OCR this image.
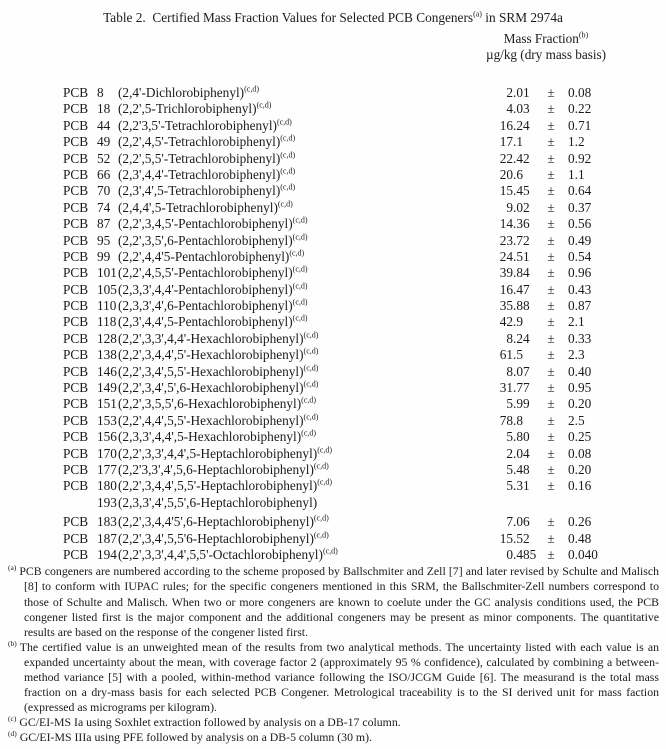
Table 2. Certified Mass Fraction Values for Selected PCB Congeners$^{(a)}$ in SRM 2974a
Mass Fraction$^{(b)}$
µg/kg (dry mass basis)
PCB 8	(2,4'-Dichlorobiphenyl)$^{(c,d)}$	2 .01	±	0.08
PCB 18 (2,2',5-Trichlorobiphenyl)$^{(c,d)}$	4 .03	±	0.22
PCB 44 (2,2'3,5'-Tetrachlorobiphenyl)$^{(c,d)}$	16 .24	±	0.71
PCB 49 (2,2',4,5'-Tetrachlorobiphenyl)$^{(c,d)}$	17 .1	±	1.2
PCB 52 (2,2',5,5'-Tetrachlorobiphenyl)$^{(c,d)}$	22 .42	±	0.92
PCB 66 (2,3',4,4'-Tetrachlorobiphenyl)$^{(c,d)}$	20 .6	±	1.1
PCB 70 (2,3',4',5-Tetrachlorobiphenyl)$^{(c,d)}$	15 .45	±	0.64
PCB 74 (2,4,4',5-Tetrachlorobiphenyl)$^{(c,d)}$	9 .02	±	0.37
PCB 87 (2,2',3,4,5'-Pentachlorobiphenyl)$^{(c,d)}$	14 .36	±	0.56
PCB 95 (2,2',3,5',6-Pentachlorobiphenyl)$^{(c,d)}$	23 .72	±	0.49
PCB 99 (2,2',4,4'5-Pentachlorobiphenyl)$^{(c,d)}$	24 .51	±	0.54
PCB 101 (2,2',4,5,5'-Pentachlorobiphenyl)$^{(c,d)}$	39 .84	±	0.96
PCB 105 (2,3,3',4,4'-Pentachlorobiphenyl)$^{(c,d)}$	16 .47	±	0.43
PCB 110 (2,3,3',4',6-Pentachlorobiphenyl)$^{(c,d)}$	35 .88	±	0.87
PCB 118 (2,3',4,4',5-Pentachlorobiphenyl)$^{(c,d)}$	42 .9	±	2.1
PCB 128 (2,2',3,3',4,4'-Hexachlorobiphenyl)$^{(c,d)}$	8 .24	±	0.33
PCB 138 (2,2',3,4,4',5'-Hexachlorobiphenyl)$^{(c,d)}$	61 .5	±	2.3
PCB 146 (2,2',3,4',5,5'-Hexachlorobiphenyl)$^{(c,d)}$	8 .07	±	0.40
PCB 149 (2,2',3,4',5',6-Hexachlorobiphenyl)$^{(c,d)}$	31 .77	±	0.95
PCB 151 (2,2',3,5,5',6-Hexachlorobiphenyl)$^{(c,d)}$	5 .99	±	0.20
PCB 153 (2,2',4,4',5,5'-Hexachlorobiphenyl)$^{(c,d)}$	78 .8	±	2.5
PCB 156 (2,3,3',4,4',5-Hexachlorobiphenyl)$^{(c,d)}$	5 .80	±	0.25
PCB 170 (2,2',3,3',4,4',5-Heptachlorobiphenyl)$^{(c,d)}$	2 .04	±	0.08
PCB 177 (2,2'3,3',4',5,6-Heptachlorobiphenyl)$^{(c,d)}$	5 .48	±	0.20
PCB 180 (2,2',3,4,4',5,5'-Heptachlorobiphenyl)$^{(c,d)}$	5 .31	±	0.16
193 (2,3,3',4',5,5',6-Heptachlorobiphenyl)
PCB 183 (2,2',3,4,4'5',6-Heptachlorobiphenyl)$^{(c,d)}$	7 .06	±	0.26
PCB 187 (2,2',3,4',5,5'6-Heptachlorobiphenyl)$^{(c,d)}$	15 .52	±	0.48
PCB 194 (2,2',3,3',4,4',5,5'-Octachlorobiphenyl)$^{(c,d)}$	0 .485 ±	0.040
$^{(a)}$ PCB congeners are numbered according to the scheme proposed by Ballschmiter and Zell [7] and later revised by Schulte and Malisch [8] to conform with IUPAC rules; for the specific congeners mentioned in this SRM, the Ballschmiter-Zell numbers correspond to those of Schulte and Malisch. When two or more congeners are known to coelute under the GC analysis conditions used, the PCB congener listed first is the major component and the additional congeners may be present as minor components. The quantitative results are based on the response of the congener listed first.
$^{(b)}$ The certified value is an unweighted mean of the results from two analytical methods. The uncertainty listed with each value is an expanded uncertainty about the mean, with coverage factor 2 (approximately 95 % confidence), calculated by combining a between-method variance [5] with a pooled, within-method variance following the ISO/JCGM Guide [6]. The measurand is the total mass fraction on a dry-mass basis for each selected PCB Congener. Metrological traceability is to the SI derived unit for mass faction (expressed as micrograms per kilogram).
$^{(c)}$ GC/EI-MS Ia using Soxhlet extraction followed by analysis on a DB-17 column.
$^{(d)}$ GC/EI-MS IIIa using PFE followed by analysis on a DB-5 column (30 m).
